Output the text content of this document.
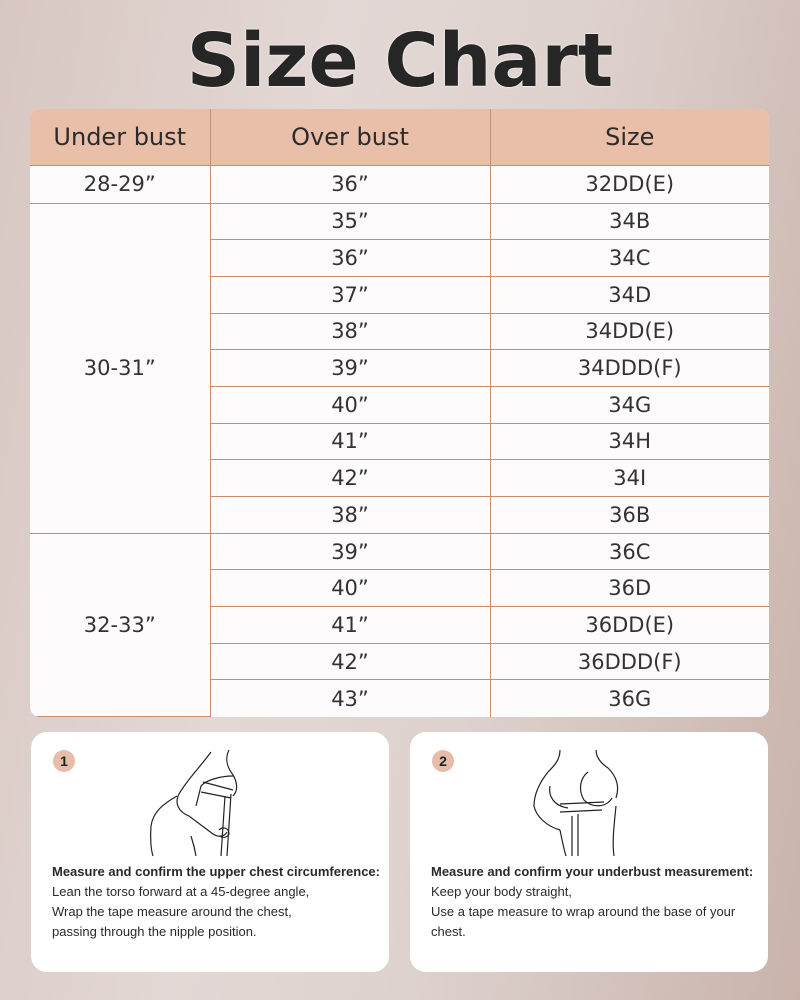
Size Chart
Under bust	Over bust	Size
28-29”	36”	32DD(E)
30-31”	35”	34B
	36”	34C
	37”	34D
	38”	34DD(E)
	39”	34DDD(F)
	40”	34G
	41”	34H
	42”	34I
	38”	36B
32-33”	39”	36C
	40”	36D
	41”	36DD(E)
	42”	36DDD(F)
	43”	36G
1
Measure and confirm the upper chest circumference:
Lean the torso forward at a 45-degree angle,
Wrap the tape measure around the chest,
passing through the nipple position.
2
Measure and confirm your underbust measurement:
Keep your body straight,
Use a tape measure to wrap around the base of your chest.
